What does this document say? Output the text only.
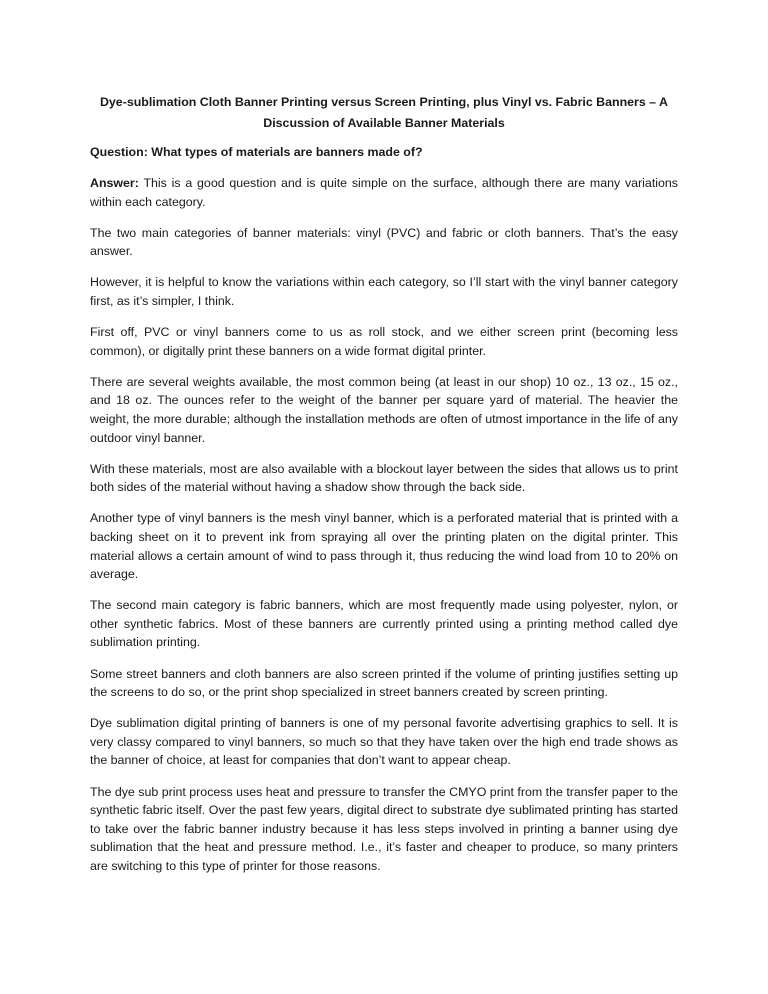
Dye-sublimation Cloth Banner Printing versus Screen Printing, plus Vinyl vs. Fabric Banners – A Discussion of Available Banner Materials
Question: What types of materials are banners made of?

Answer: This is a good question and is quite simple on the surface, although there are many variations within each category.

The two main categories of banner materials: vinyl (PVC) and fabric or cloth banners. That’s the easy answer.

However, it is helpful to know the variations within each category, so I’ll start with the vinyl banner category first, as it’s simpler, I think.

First off, PVC or vinyl banners come to us as roll stock, and we either screen print (becoming less common), or digitally print these banners on a wide format digital printer.

There are several weights available, the most common being (at least in our shop) 10 oz., 13 oz., 15 oz., and 18 oz. The ounces refer to the weight of the banner per square yard of material. The heavier the weight, the more durable; although the installation methods are often of utmost importance in the life of any outdoor vinyl banner.

With these materials, most are also available with a blockout layer between the sides that allows us to print both sides of the material without having a shadow show through the back side.

Another type of vinyl banners is the mesh vinyl banner, which is a perforated material that is printed with a backing sheet on it to prevent ink from spraying all over the printing platen on the digital printer. This material allows a certain amount of wind to pass through it, thus reducing the wind load from 10 to 20% on average.

The second main category is fabric banners, which are most frequently made using polyester, nylon, or other synthetic fabrics. Most of these banners are currently printed using a printing method called dye sublimation printing.

Some street banners and cloth banners are also screen printed if the volume of printing justifies setting up the screens to do so, or the print shop specialized in street banners created by screen printing.

Dye sublimation digital printing of banners is one of my personal favorite advertising graphics to sell. It is very classy compared to vinyl banners, so much so that they have taken over the high end trade shows as the banner of choice, at least for companies that don’t want to appear cheap.

The dye sub print process uses heat and pressure to transfer the CMYO print from the transfer paper to the synthetic fabric itself. Over the past few years, digital direct to substrate dye sublimated printing has started to take over the fabric banner industry because it has less steps involved in printing a banner using dye sublimation that the heat and pressure method. I.e., it’s faster and cheaper to produce, so many printers are switching to this type of printer for those reasons.
